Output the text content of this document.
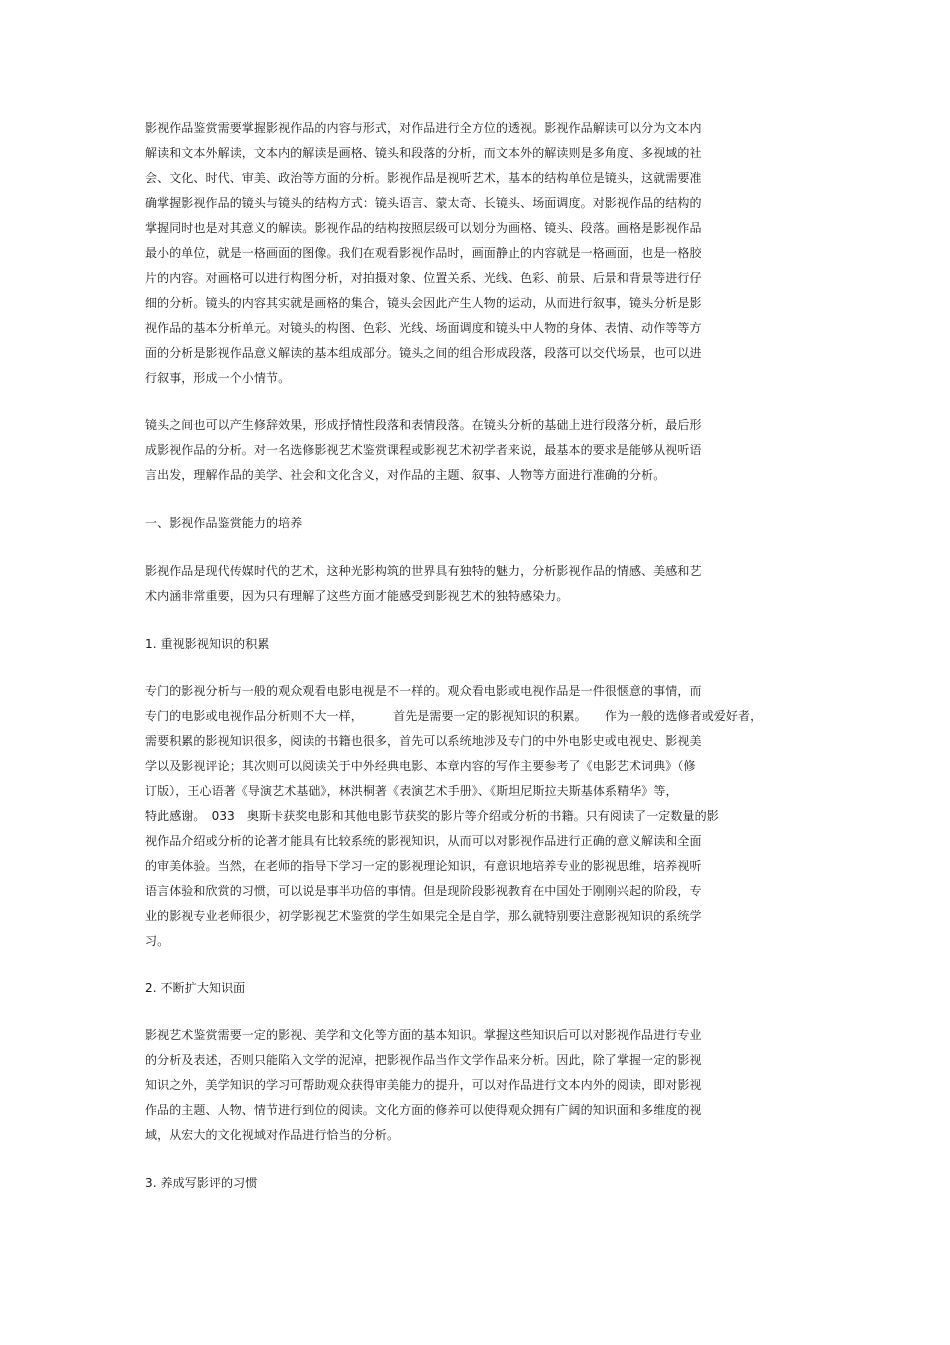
影视作品鉴赏需要掌握影视作品的内容与形式，对作品进行全方位的透视。影视作品解读可以分为文本内
解读和文本外解读，文本内的解读是画格、镜头和段落的分析，而文本外的解读则是多角度、多视域的社
会、文化、时代、审美、政治等方面的分析。影视作品是视听艺术，基本的结构单位是镜头，这就需要准
确掌握影视作品的镜头与镜头的结构方式：镜头语言、蒙太奇、长镜头、场面调度。对影视作品的结构的
掌握同时也是对其意义的解读。影视作品的结构按照层级可以划分为画格、镜头、段落。画格是影视作品
最小的单位，就是一格画面的图像。我们在观看影视作品时，画面静止的内容就是一格画面，也是一格胶
片的内容。对画格可以进行构图分析，对拍摄对象、位置关系、光线、色彩、前景、后景和背景等进行仔
细的分析。镜头的内容其实就是画格的集合，镜头会因此产生人物的运动，从而进行叙事，镜头分析是影
视作品的基本分析单元。对镜头的构图、色彩、光线、场面调度和镜头中人物的身体、表情、动作等等方
面的分析是影视作品意义解读的基本组成部分。镜头之间的组合形成段落，段落可以交代场景，也可以进
行叙事，形成一个小情节。
镜头之间也可以产生修辞效果，形成抒情性段落和表情段落。在镜头分析的基础上进行段落分析，最后形
成影视作品的分析。对一名选修影视艺术鉴赏课程或影视艺术初学者来说，最基本的要求是能够从视听语
言出发，理解作品的美学、社会和文化含义，对作品的主题、叙事、人物等方面进行准确的分析。
一、影视作品鉴赏能力的培养
影视作品是现代传媒时代的艺术，这种光影构筑的世界具有独特的魅力，分析影视作品的情感、美感和艺
术内涵非常重要，因为只有理解了这些方面才能感受到影视艺术的独特感染力。
1. 重视影视知识的积累
专门的影视分析与一般的观众观看电影电视是不一样的。观众看电影或电视作品是一件很惬意的事情，而
专门的电影或电视作品分析则不大一样，　　　首先是需要一定的影视知识的积累。　　作为一般的选修者或爱好者，
需要积累的影视知识很多，阅读的书籍也很多，首先可以系统地涉及专门的中外电影史或电视史、影视美
学以及影视评论；其次则可以阅读关于中外经典电影、本章内容的写作主要参考了《电影艺术词典》（修
订版），王心语著《导演艺术基础》，林洪桐著《表演艺术手册》、《斯坦尼斯拉夫斯基体系精华》等，
特此感谢。　033　奥斯卡获奖电影和其他电影节获奖的影片等介绍或分析的书籍。只有阅读了一定数量的影
视作品介绍或分析的论著才能具有比较系统的影视知识，从而可以对影视作品进行正确的意义解读和全面
的审美体验。当然，在老师的指导下学习一定的影视理论知识，有意识地培养专业的影视思维，培养视听
语言体验和欣赏的习惯，可以说是事半功倍的事情。但是现阶段影视教育在中国处于刚刚兴起的阶段，专
业的影视专业老师很少，初学影视艺术鉴赏的学生如果完全是自学，那么就特别要注意影视知识的系统学
习。
2. 不断扩大知识面
影视艺术鉴赏需要一定的影视、美学和文化等方面的基本知识。掌握这些知识后可以对影视作品进行专业
的分析及表述，否则只能陷入文学的泥淖，把影视作品当作文学作品来分析。因此，除了掌握一定的影视
知识之外，美学知识的学习可帮助观众获得审美能力的提升，可以对作品进行文本内外的阅读，即对影视
作品的主题、人物、情节进行到位的阅读。文化方面的修养可以使得观众拥有广阔的知识面和多维度的视
域，从宏大的文化视域对作品进行恰当的分析。
3. 养成写影评的习惯
